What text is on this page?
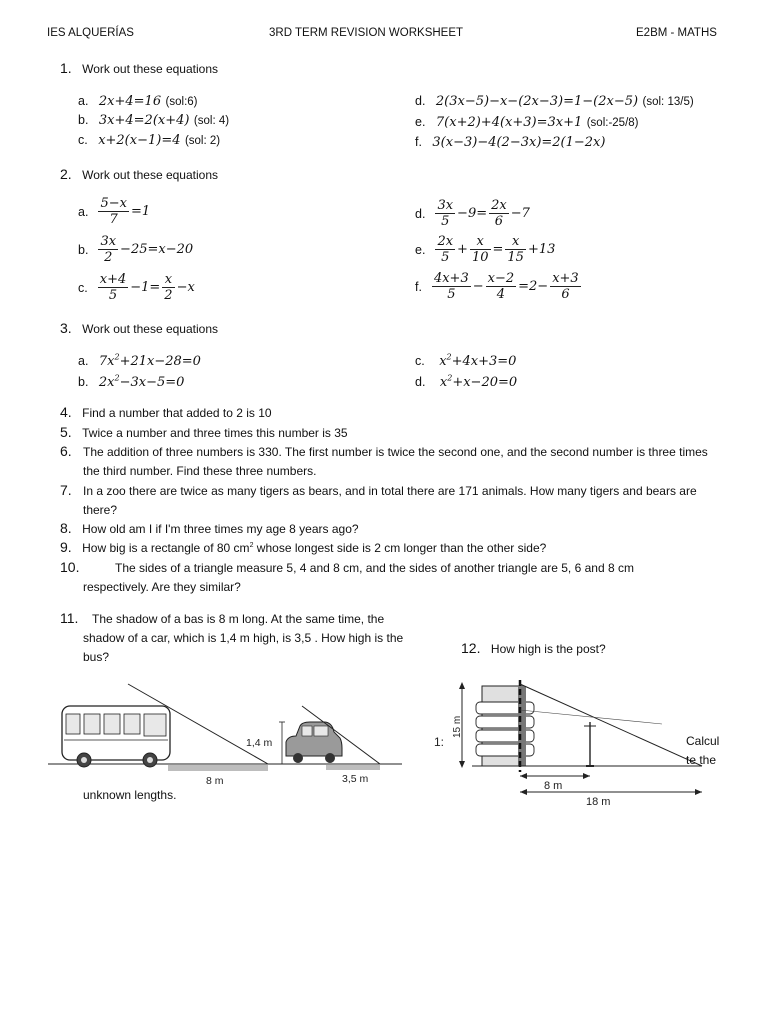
IES ALQUERÍAS	3RD TERM REVISION WORKSHEET	E2BM - MATHS
1. Work out these equations
a. 2x+4=16 (sol:6)
b. 3x+4=2(x+4) (sol: 4)
c. x+2(x−1)=4 (sol: 2)
d. 2(3x−5)−x−(2x−3)=1−(2x−5) (sol: 13/5)
e. 7(x+2)+4(x+3)=3x+1 (sol:-25/8)
f. 3(x−3)−4(2−3x)=2(1−2x)
2. Work out these equations
a. $\frac{5-x}{7} =1$
b. $\frac{3x}{2} -25=x-20$
c. $\frac{x+4}{5} -1= \frac{x}{2} -x$
d. $\frac{3x}{5} -9= \frac{2x}{6} -7$
e. $\frac{2x}{5} + \frac{x}{10} = \frac{x}{15} +13$
f. $\frac{4x+3}{5} - \frac{x-2}{4} =2- \frac{x+3}{6}$
3. Work out these equations
a. $7x^2+21x-28=0$
b. $2x^2-3x-5=0$
c. $x^2+4x+3=0$
d. $x^2+x-20=0$
4. Find a number that added to 2 is 10
5. Twice a number and three times this number is 35
6. The addition of three numbers is 330. The first number is twice the second one, and the second number is three times the third number. Find these three numbers.
7. In a zoo there are twice as many tigers as bears, and in total there are 171 animals. How many tigers and bears are there?
8. How old am I if I'm three times my age 8 years ago?
9. How big is a rectangle of 80 $cm^2$ whose longest side is 2 cm longer than the other side?
10.	The sides of a triangle measure 5, 4 and 8 cm, and the sides of another triangle are 5, 6 and 8 cm respectively. Are they similar?
11.	The shadow of a bas is 8 m long. At the same time, the shadow of a car, which is 1,4 m high, is 3,5 . How high is the bus?
12. How high is the post?
1,4 m
8 m	3,5 m
15 m
1:
8 m
18 m
Calcul
te the
unknown lengths.
